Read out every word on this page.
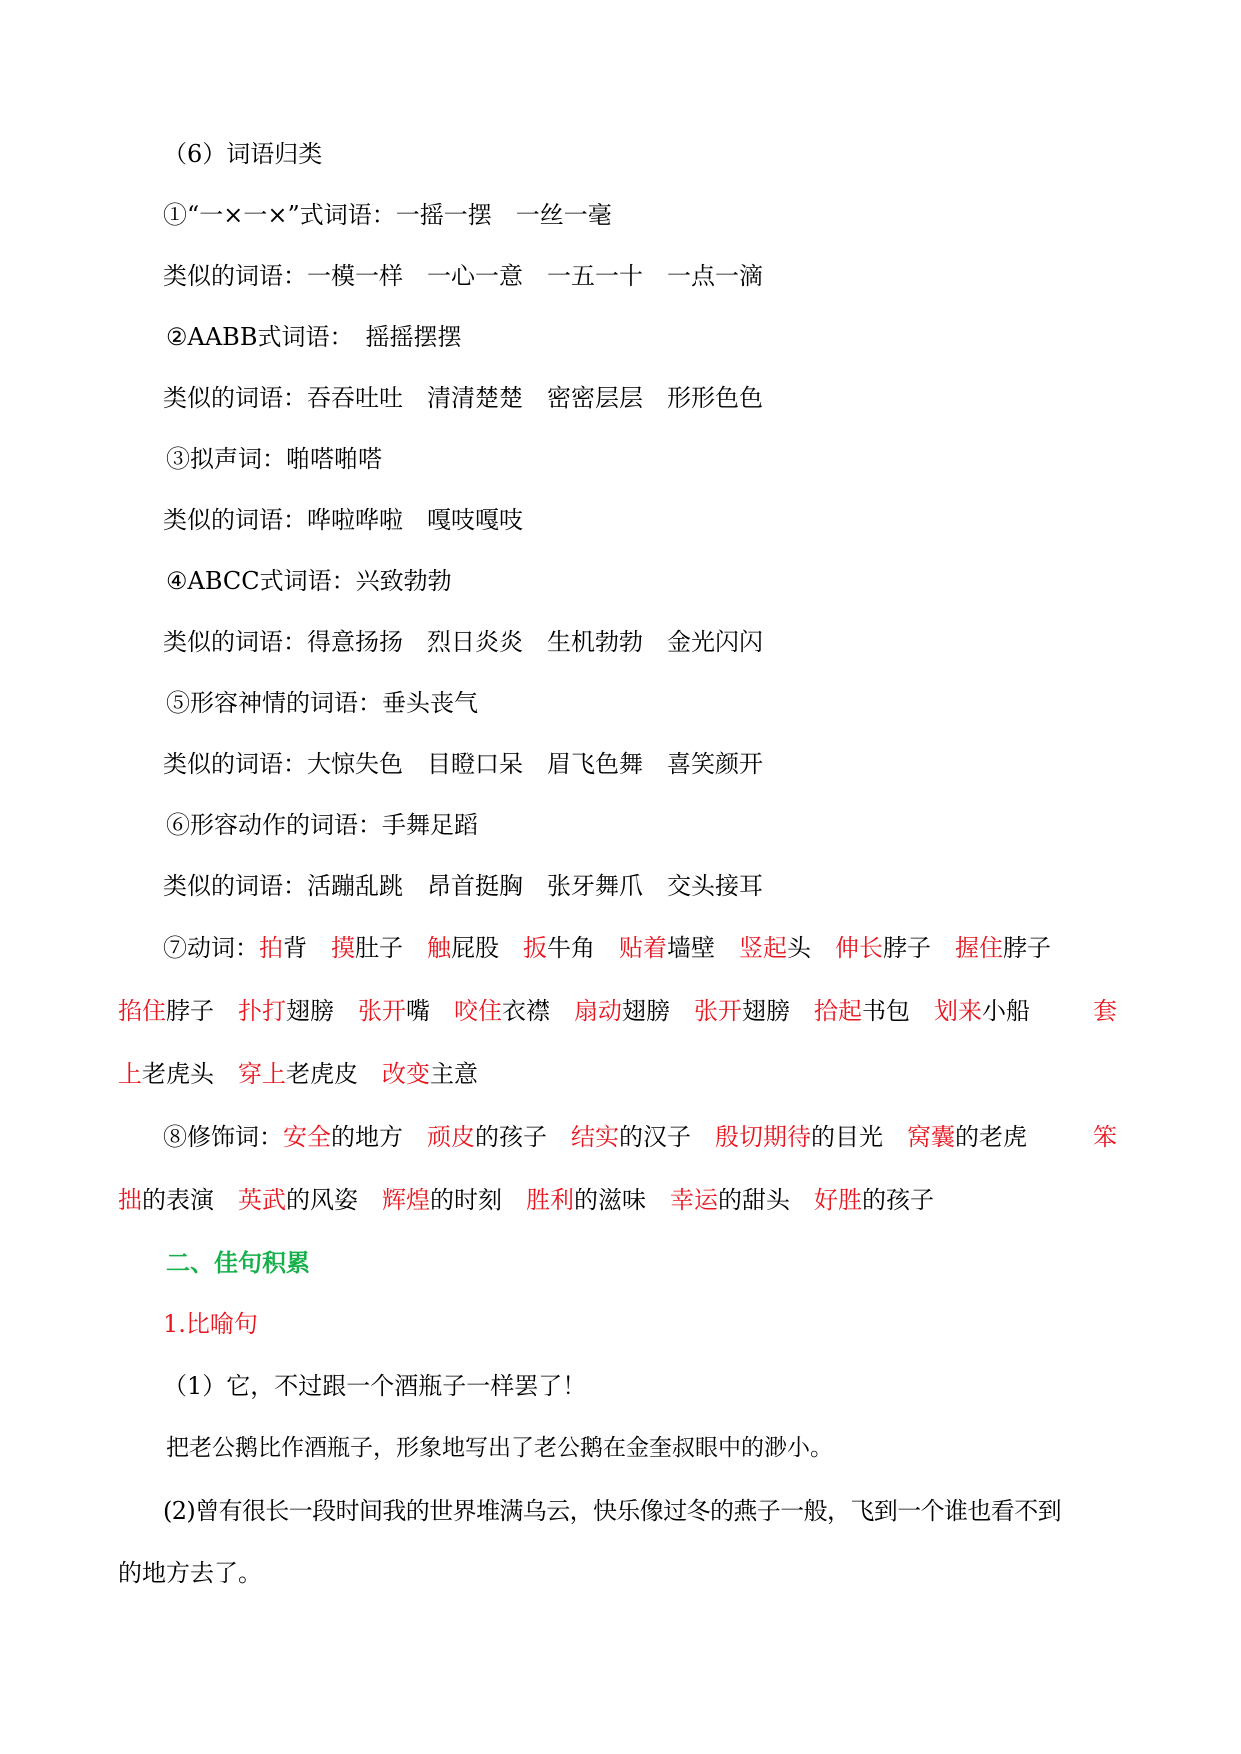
（6）词语归类
①“一×一×”式词语：一摇一摆　一丝一毫
类似的词语：一模一样　一心一意　一五一十　一点一滴
②AABB式词语：　摇摇摆摆
类似的词语：吞吞吐吐　清清楚楚　密密层层　形形色色
③拟声词：啪嗒啪嗒
类似的词语：哗啦哗啦　嘎吱嘎吱
④ABCC式词语：兴致勃勃
类似的词语：得意扬扬　烈日炎炎　生机勃勃　金光闪闪
⑤形容神情的词语：垂头丧气
类似的词语：大惊失色　目瞪口呆　眉飞色舞　喜笑颜开
⑥形容动作的词语：手舞足蹈
类似的词语：活蹦乱跳　昂首挺胸　张牙舞爪　交头接耳
⑦动词：拍背　 摸肚子　 触屁股　 扳牛角　 贴着墙壁　 竖起头　 伸长脖子　 握住脖子
掐住脖子　 扑打翅膀　 张开嘴　 咬住衣襟　 扇动翅膀　 张开翅膀　 拾起书包　 划来小船	套
上老虎头　 穿上老虎皮　 改变主意
⑧修饰词：安全的地方　 顽皮的孩子　 结实的汉子　 殷切期待的目光　 窝囊的老虎	笨
拙的表演　 英武的风姿　 辉煌的时刻　 胜利的滋味　 幸运的甜头　 好胜的孩子
二、佳句积累
1.比喻句
（1）它，不过跟一个酒瓶子一样罢了！
把老公鹅比作酒瓶子，形象地写出了老公鹅在金奎叔眼中的渺小。
(2)曾有很长一段时间我的世界堆满乌云，快乐像过冬的燕子一般，飞到一个谁也看不到
的地方去了。
